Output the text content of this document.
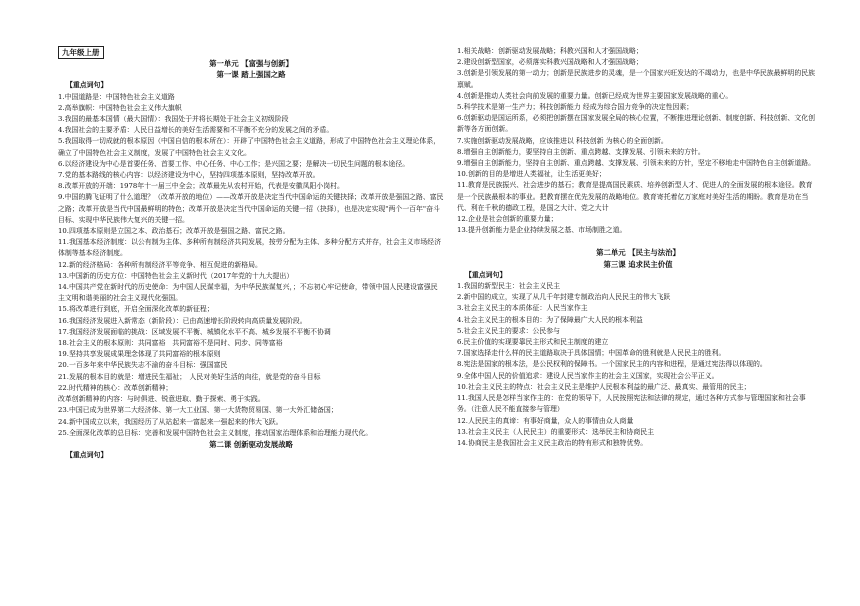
九年级上册
第一单元 【富强与创新】
第一课 踏上强国之路
【重点词句】
1.中国道路是：中国特色社会主义道路
2.高举旗帜：中国特色社会主义伟大旗帜
3.我国的最基本国情（最大国情）：我国处于并将长期处于社会主义初级阶段
4.我国社会的主要矛盾：人民日益增长的美好生活需要和不平衡不充分的发展之间的矛盾。
5.我国取得一切成就的根本原因（中国自信的根本所在）：开辟了中国特色社会主义道路，形成了中国特色社会主义理论体系，确立了中国特色社会主义制度，发展了中国特色社会主义文化。
6.以经济建设为中心是首要任务、首要工作、中心任务、中心工作；是兴国之要；是解决一切民生问题的根本途径。
7.党的基本路线的核心内容：以经济建设为中心，坚持四项基本原则，坚持改革开放。
8.改革开放的开端：1978年十一届三中全会；改革最先从农村开始，代表是安徽凤阳小岗村。
9.中国的腾飞证明了什么道理？（改革开放的地位）——改革开放是决定当代中国命运的关键抉择；改革开放是强国之路、富民之路；改革开放是当代中国最鲜明的特色；改革开放是决定当代中国命运的关键一招（抉择），也是决定实现"两个一百年"奋斗目标、实现中华民族伟大复兴的关键一招。
10.四项基本原则是立国之本、政治基石；改革开放是强国之路、富民之路。
11.我国基本经济制度：以公有制为主体、多种所有制经济共同发展，按劳分配为主体、多种分配方式并存，社会主义市场经济体制等基本经济制度。
12.新的经济格局：各种所有制经济平等竞争、相互促进的新格局。
13.中国新的历史方位：中国特色社会主义新时代（2017年党的十九大提出）
14.中国共产党在新时代的历史使命：为中国人民谋幸福，为中华民族谋复兴，；不忘初心牢记使命，带领中国人民建设富强民主文明和谐美丽的社会主义现代化强国。
15.将改革进行到底，开启全面深化改革的新征程；
16.我国经济发展进入新常态（新阶段）：已由高速增长阶段转向高质量发展阶段。
17.我国经济发展面临的挑战：区域发展不平衡、城镇化水平不高、城乡发展不平衡不协调
18.社会主义的根本原则：共同富裕　共同富裕不是同时、同步、同等富裕
19.坚持共享发展成果理念体现了共同富裕的根本原则
20.一百多年来中华民族失志不渝的奋斗目标：强国富民
21.发展的根本目的就是：增进民生福祉；　人民对美好生活的向往，就是党的奋斗目标
22.时代精神的核心：改革创新精神；
改革创新精神的内容：与时俱进、锐意进取、勤于探索、勇于实践。
23.中国已成为世界第二大经济体、第一大工业国、第一大货物贸易国、第一大外汇储备国；
24.新中国成立以来，我国经历了从站起来一富起来一强起来的伟大飞跃。
25.全面深化改革的总目标：完善和发展中国特色社会主义制度，推动国家治理体系和治理能力现代化。
第二课 创新驱动发展战略
【重点词句】
1.相关战略：创新驱动发展战略；科教兴国和人才强国战略；
2.建设创新型国家，必须落实科教兴国战略和人才强国战略；
3.创新是引领发展的第一动力；创新是民族进步的灵魂，是一个国家兴旺发达的不竭动力，也是中华民族最鲜明的民族禀赋。
4.创新是推动人类社会向前发展的重要力量。创新已经成为世界主要国家发展战略的重心。
5.科学技术是第一生产力；科技创新能力 经成为综合国力竞争的决定性因素；
6.创新驱动是国运所系，必须把创新摆在国家发展全局的核心位置，不断推进理论创新、制度创新、科技创新、文化创新等各方面创新。
7.实施创新驱动发展战略，应该推进以 科技创新 为核心的全面创新。
8.增强自主创新能力，要坚持自主创新、重点跨越、支撑发展、引领未来的方针。
9.增强自主创新能力，坚持自主创新、重点跨越、支撑发展、引领未来的方针，坚定不移地走中国特色自主创新道路。
10.创新的目的是增进人类福祉，让生活更美好；
11.教育是民族振兴、社会进步的基石；教育是提高国民素质、培养创新型人才、促进人的全面发展的根本途径。教育是一个民族最根本的事业。把教育摆在优先发展的战略地位。教育寄托着亿万家庭对美好生活的期盼。教育是功在当代、利在千秋的德政工程，是国之大计、党之大计
12.企业是社会创新的重要力量；
13.提升创新能力是企业持续发展之基、市场制胜之道。
第二单元 【民主与法治】
第三课 追求民主价值
【重点词句】
1.我国的新型民主：社会主义民主
2.新中国的成立，实现了从几千年封建专制政治向人民民主的伟大飞跃
3.社会主义民主的本质体征：人民当家作主
4.社会主义民主的根本目的：为了保障最广大人民的根本利益
5.社会主义民主的要求：公民参与
6.民主价值的实现要靠民主形式和民主制度的建立
7.国家选择走什么样的民主道路取决于具体国情；中国革命的胜利就是人民民主的胜利。
8.宪法是国家的根本法，是公民权利的保障书。一个国家民主的内容和进程，是通过宪法得以体现的。
9.全体中国人民的价值追求：建设人民当家作主的社会主义国家，实现社会公平正义。
10.社会主义民主的特点：社会主义民主是维护人民根本利益的最广泛、最真实、最管用的民主；
11.我国人民是怎样当家作主的：在党的领导下，人民按照宪法和法律的规定，通过各种方式参与管理国家和社会事务。（注意人民不能直接参与管理）
12.人民民主的真谛：有事好商量，众人的事情由众人商量
13.社会主义民主（人民民主）的重要形式：选举民主和协商民主
14.协商民主是我国社会主义民主政治的特有形式和独特优势。
